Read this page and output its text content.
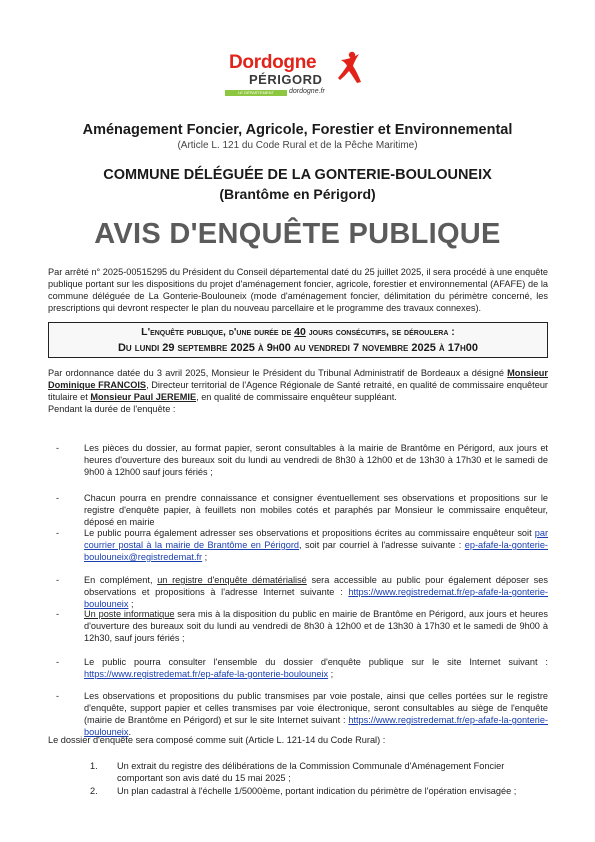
Dordogne
PÉRIGORD
LE DÉPARTEMENT	dordogne.fr
Aménagement Foncier, Agricole, Forestier et Environnemental
(Article L. 121 du Code Rural et de la Pêche Maritime)
COMMUNE DÉLÉGUÉE DE LA GONTERIE-BOULOUNEIX
(Brantôme en Périgord)
AVIS D'ENQUÊTE PUBLIQUE
Par arrêté n° 2025-00515295 du Président du Conseil départemental daté du 25 juillet 2025, il sera procédé à une enquête publique portant sur les dispositions du projet d'aménagement foncier, agricole, forestier et environnemental (AFAFE) de la commune déléguée de La Gonterie-Boulouneix (mode d'aménagement foncier, délimitation du périmètre concerné, les prescriptions qui devront respecter le plan du nouveau parcellaire et le programme des travaux connexes).
L'enquête publique, d'une durée de 40 jours consécutifs, se déroulera :
Du lundi 29 septembre 2025 à 9h00 au vendredi 7 novembre 2025 à 17h00
Par ordonnance datée du 3 avril 2025, Monsieur le Président du Tribunal Administratif de Bordeaux a désigné Monsieur Dominique FRANCOIS, Directeur territorial de l'Agence Régionale de Santé retraité, en qualité de commissaire enquêteur titulaire et Monsieur Paul JEREMIE, en qualité de commissaire enquêteur suppléant.
Pendant la durée de l'enquête :
-	Les pièces du dossier, au format papier, seront consultables à la mairie de Brantôme en Périgord, aux jours et heures d'ouverture des bureaux soit du lundi au vendredi de 8h30 à 12h00 et de 13h30 à 17h30 et le samedi de 9h00 à 12h00 sauf jours fériés ;
-	Chacun pourra en prendre connaissance et consigner éventuellement ses observations et propositions sur le registre d'enquête papier, à feuillets non mobiles cotés et paraphés par Monsieur le commissaire enquêteur, déposé en mairie
-	Le public pourra également adresser ses observations et propositions écrites au commissaire enquêteur soit par courrier postal à la mairie de Brantôme en Périgord, soit par courriel à l'adresse suivante : ep-afafe-la-gonterie-boulouneix@registredemat.fr ;
-	En complément, un registre d'enquête dématérialisé sera accessible au public pour également déposer ses observations et propositions à l'adresse Internet suivante : https://www.registredemat.fr/ep-afafe-la-gonterie-boulouneix ;
-	Un poste informatique sera mis à la disposition du public en mairie de Brantôme en Périgord, aux jours et heures d'ouverture des bureaux soit du lundi au vendredi de 8h30 à 12h00 et de 13h30 à 17h30 et le samedi de 9h00 à 12h30, sauf jours fériés ;
-	Le public pourra consulter l'ensemble du dossier d'enquête publique sur le site Internet suivant : https://www.registredemat.fr/ep-afafe-la-gonterie-boulouneix ;
-	Les observations et propositions du public transmises par voie postale, ainsi que celles portées sur le registre d'enquête, support papier et celles transmises par voie électronique, seront consultables au siège de l'enquête (mairie de Brantôme en Périgord) et sur le site Internet suivant : https://www.registredemat.fr/ep-afafe-la-gonterie-boulouneix.
Le dossier d'enquête sera composé comme suit (Article L. 121-14 du Code Rural) :
1. Un extrait du registre des délibérations de la Commission Communale d'Aménagement Foncier comportant son avis daté du 15 mai 2025 ;
2. Un plan cadastral à l'échelle 1/5000ème, portant indication du périmètre de l'opération envisagée ;
